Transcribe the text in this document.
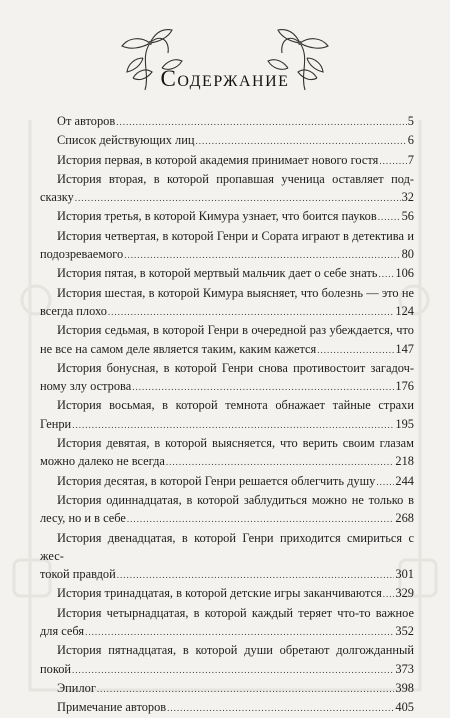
Содержание
От авторов .....	5
Список действующих лиц .....	6
История первая, в которой академия принимает нового гостя ..... 7
История вторая, в которой пропавшая ученица оставляет под-
сказку .....	32
История третья, в которой Кимура узнает, что боится пауков ..... 56
История четвертая, в которой Генри и Сората играют в детектива и
подозреваемого .....	80
История пятая, в которой мертвый мальчик дает о себе знать ..... 106
История шестая, в которой Кимура выясняет, что болезнь — это не
всегда плохо .....	124
История седьмая, в которой Генри в очередной раз убеждается, что
не все на самом деле является таким, каким кажется .....	147
История бонусная, в которой Генри снова противостоит загадоч-
ному злу острова .....	176
История восьмая, в которой темнота обнажает тайные страхи
Генри .....	195
История девятая, в которой выясняется, что верить своим глазам
можно далеко не всегда .....	218
История десятая, в которой Генри решается облегчить душу ..... 244
История одиннадцатая, в которой заблудиться можно не только в
лесу, но и в себе .....	268
История двенадцатая, в которой Генри приходится смириться с жес-
токой правдой .....	301
История тринадцатая, в которой детские игры заканчиваются ..... 329
История четырнадцатая, в которой каждый теряет что-то важное
для себя .....	352
История пятнадцатая, в которой души обретают долгожданный
покой .....	373
Эпилог .....	398
Примечание авторов .....	405
